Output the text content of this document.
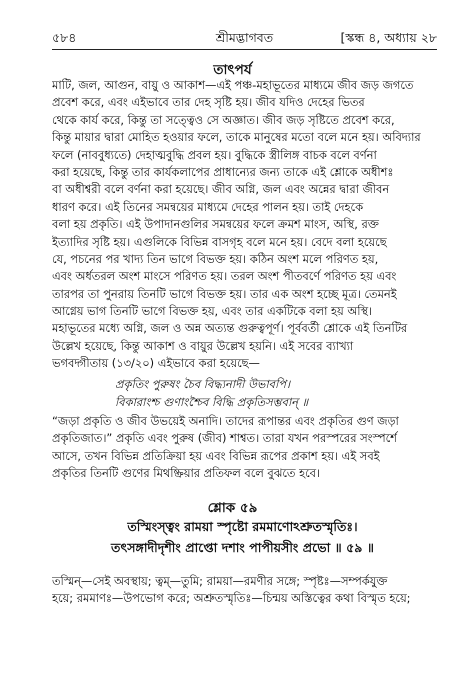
৫৮৪	শ্রীমদ্ভাগবত	[স্কন্ধ ৪, অধ্যায় ২৮
তাৎপর্য
মাটি, জল, আগুন, বায়ু ও আকাশ—এই পঞ্চ-মহাভূতের মাধ্যমে জীব জড় জগতে
প্রবেশ করে, এবং এইভাবে তার দেহ সৃষ্টি হয়। জীব যদিও দেহের ভিতর
থেকে কার্য করে, কিন্তু তা সত্ত্বেও সে অজ্ঞাত। জীব জড় সৃষ্টিতে প্রবেশ করে,
কিন্তু মায়ার দ্বারা মোহিত হওয়ার ফলে, তাকে মানুষের মতো বলে মনে হয়। অবিদ্যার
ফলে (নাববুধ্যতে) দেহাত্মবুদ্ধি প্রবল হয়। বুদ্ধিকে স্ত্রীলিঙ্গ বাচক বলে বর্ণনা
করা হয়েছে, কিন্তু তার কার্যকলাপের প্রাধান্যের জন্য তাকে এই শ্লোকে অধীশঃ
বা অধীশ্বরী বলে বর্ণনা করা হয়েছে। জীব অগ্নি, জল এবং অন্নের দ্বারা জীবন
ধারণ করে। এই তিনের সমন্বয়ের মাধ্যমে দেহের পালন হয়। তাই দেহকে
বলা হয় প্রকৃতি। এই উপাদানগুলির সমন্বয়ের ফলে ক্রমশ মাংস, অস্থি, রক্ত
ইত্যাদির সৃষ্টি হয়। এগুলিকে বিভিন্ন বাসগৃহ বলে মনে হয়। বেদে বলা হয়েছে
যে, পচনের পর খাদ্য তিন ভাগে বিভক্ত হয়। কঠিন অংশ মলে পরিণত হয়,
এবং অর্ধতরল অংশ মাংসে পরিণত হয়। তরল অংশ পীতবর্ণে পরিণত হয় এবং
তারপর তা পুনরায় তিনটি ভাগে বিভক্ত হয়। তার এক অংশ হচ্ছে মূত্র। তেমনই
আগ্নেয় ভাগ তিনটি ভাগে বিভক্ত হয়, এবং তার একটিকে বলা হয় অস্থি।
মহাভূতের মধ্যে অগ্নি, জল ও অন্ন অত্যন্ত গুরুত্বপূর্ণ। পূর্ববর্তী শ্লোকে এই তিনটির
উল্লেখ হয়েছে, কিন্তু আকাশ ও বায়ুর উল্লেখ হয়নি। এই সবের ব্যাখ্যা
ভগবদ্গীতায় (১৩/২০) এইভাবে করা হয়েছে—
প্রকৃতিং পুরুষং চৈব বিদ্ধ্যনাদী উভাবপি।
বিকারাংশ্চ গুণাংশ্চৈব বিদ্ধি প্রকৃতিসম্ভবান্ ॥
“জড়া প্রকৃতি ও জীব উভয়েই অনাদি। তাদের রূপান্তর এবং প্রকৃতির গুণ জড়া
প্রকৃতিজাত।” প্রকৃতি এবং পুরুষ (জীব) শাশ্বত। তারা যখন পরস্পরের সংস্পর্শে
আসে, তখন বিভিন্ন প্রতিক্রিয়া হয় এবং বিভিন্ন রূপের প্রকাশ হয়। এই সবই
প্রকৃতির তিনটি গুণের মিথষ্ক্রিয়ার প্রতিফল বলে বুঝতে হবে।
শ্লোক ৫৯
তস্মিংস্ত্বং রাময়া স্পৃষ্টো রমমাণোঽশ্রুতস্মৃতিঃ।
তৎসঙ্গাদীদৃশীং প্রাপ্তো দশাং পাপীয়সীং প্রভো ॥ ৫৯ ॥
তস্মিন্—সেই অবস্থায়; ত্বম্—তুমি; রাময়া—রমণীর সঙ্গে; স্পৃষ্টঃ—সম্পর্কযুক্ত
হয়ে; রমমাণঃ—উপভোগ করে; অশ্রুতস্মৃতিঃ—চিন্ময় অস্তিত্বের কথা বিস্মৃত হয়ে;
